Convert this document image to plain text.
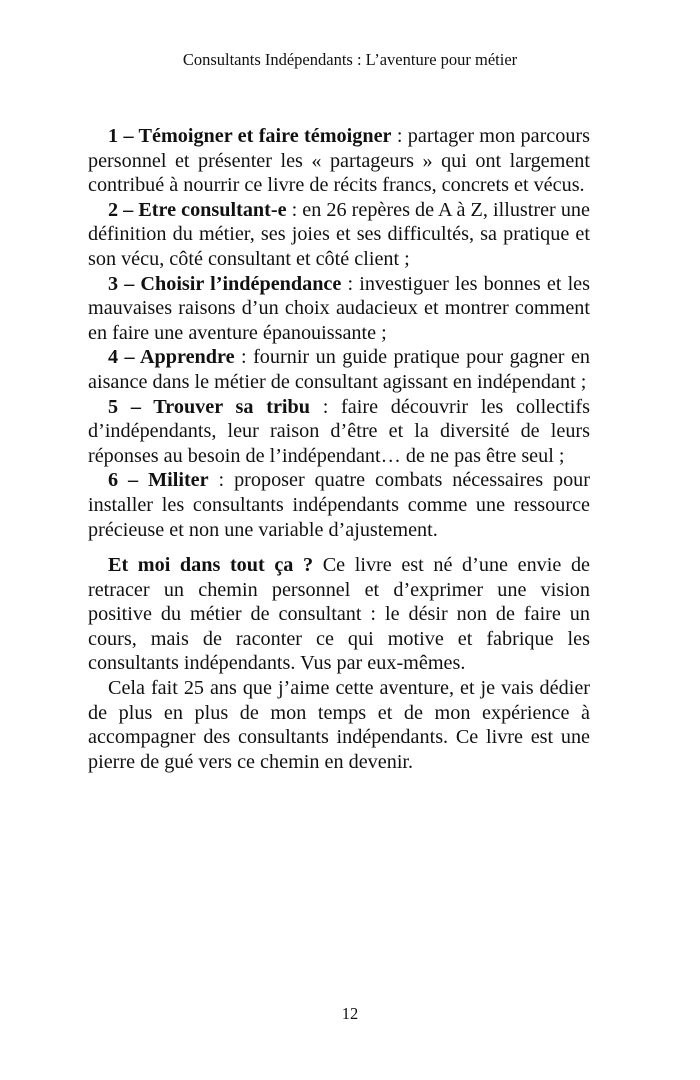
Consultants Indépendants : L’aventure pour métier

1 – Témoigner et faire témoigner : partager mon parcours personnel et présenter les « partageurs » qui ont largement contribué à nourrir ce livre de récits francs, concrets et vécus.

2 – Etre consultant-e : en 26 repères de A à Z, illustrer une définition du métier, ses joies et ses difficultés, sa pratique et son vécu, côté consultant et côté client ;

3 – Choisir l’indépendance : investiguer les bonnes et les mauvaises raisons d’un choix audacieux et montrer comment en faire une aventure épanouissante ;

4 – Apprendre : fournir un guide pratique pour gagner en aisance dans le métier de consultant agissant en indépendant ;

5 – Trouver sa tribu : faire découvrir les collectifs d’indépendants, leur raison d’être et la diversité de leurs réponses au besoin de l’indépendant… de ne pas être seul ;

6 – Militer : proposer quatre combats nécessaires pour installer les consultants indépendants comme une ressource précieuse et non une variable d’ajustement.

Et moi dans tout ça ? Ce livre est né d’une envie de retracer un chemin personnel et d’exprimer une vision positive du métier de consultant : le désir non de faire un cours, mais de raconter ce qui motive et fabrique les consultants indépendants. Vus par eux-mêmes.

Cela fait 25 ans que j’aime cette aventure, et je vais dédier de plus en plus de mon temps et de mon expérience à accompagner des consultants indépendants. Ce livre est une pierre de gué vers ce chemin en devenir.

12
